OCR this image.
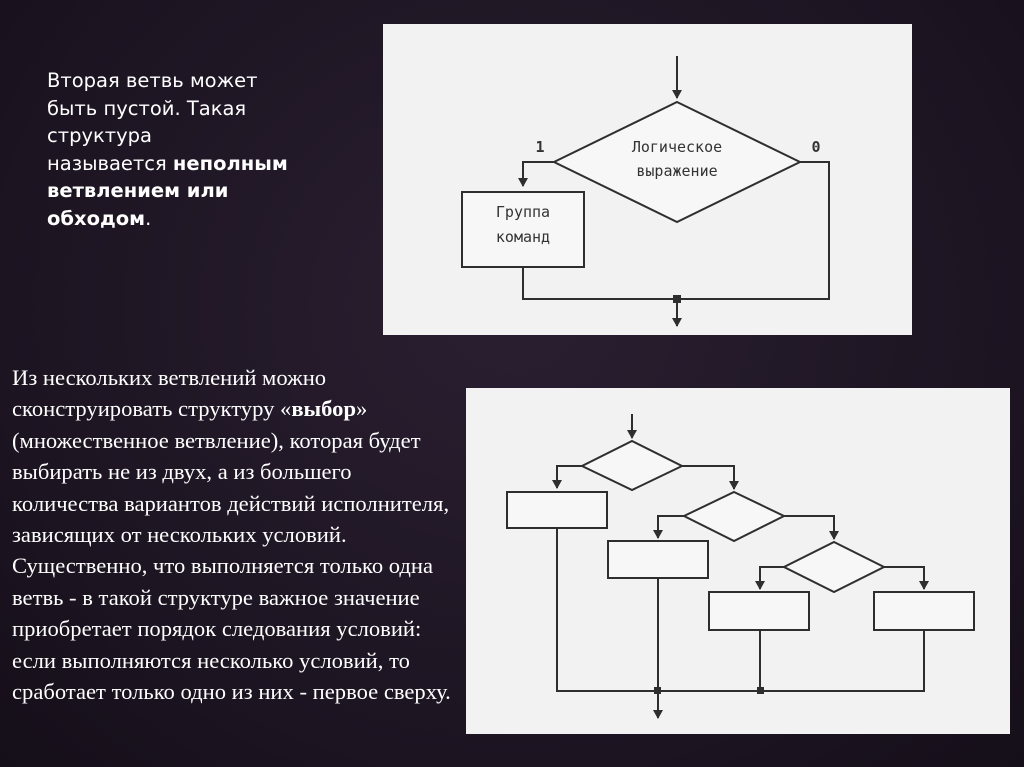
Вторая ветвь может
быть пустой. Такая
структура
называется неполным
ветвлением или
обходом.
Логическое
выражение
1
Группа
команд
0
Из нескольких ветвлений можно сконструировать структуру «выбор» (множественное ветвление), которая будет выбирать не из двух, а из большего количества вариантов действий исполнителя, зависящих от нескольких условий. Существенно, что выполняется только одна ветвь - в такой структуре важное значение приобретает порядок следования условий: если выполняются несколько условий, то сработает только одно из них - первое сверху.
